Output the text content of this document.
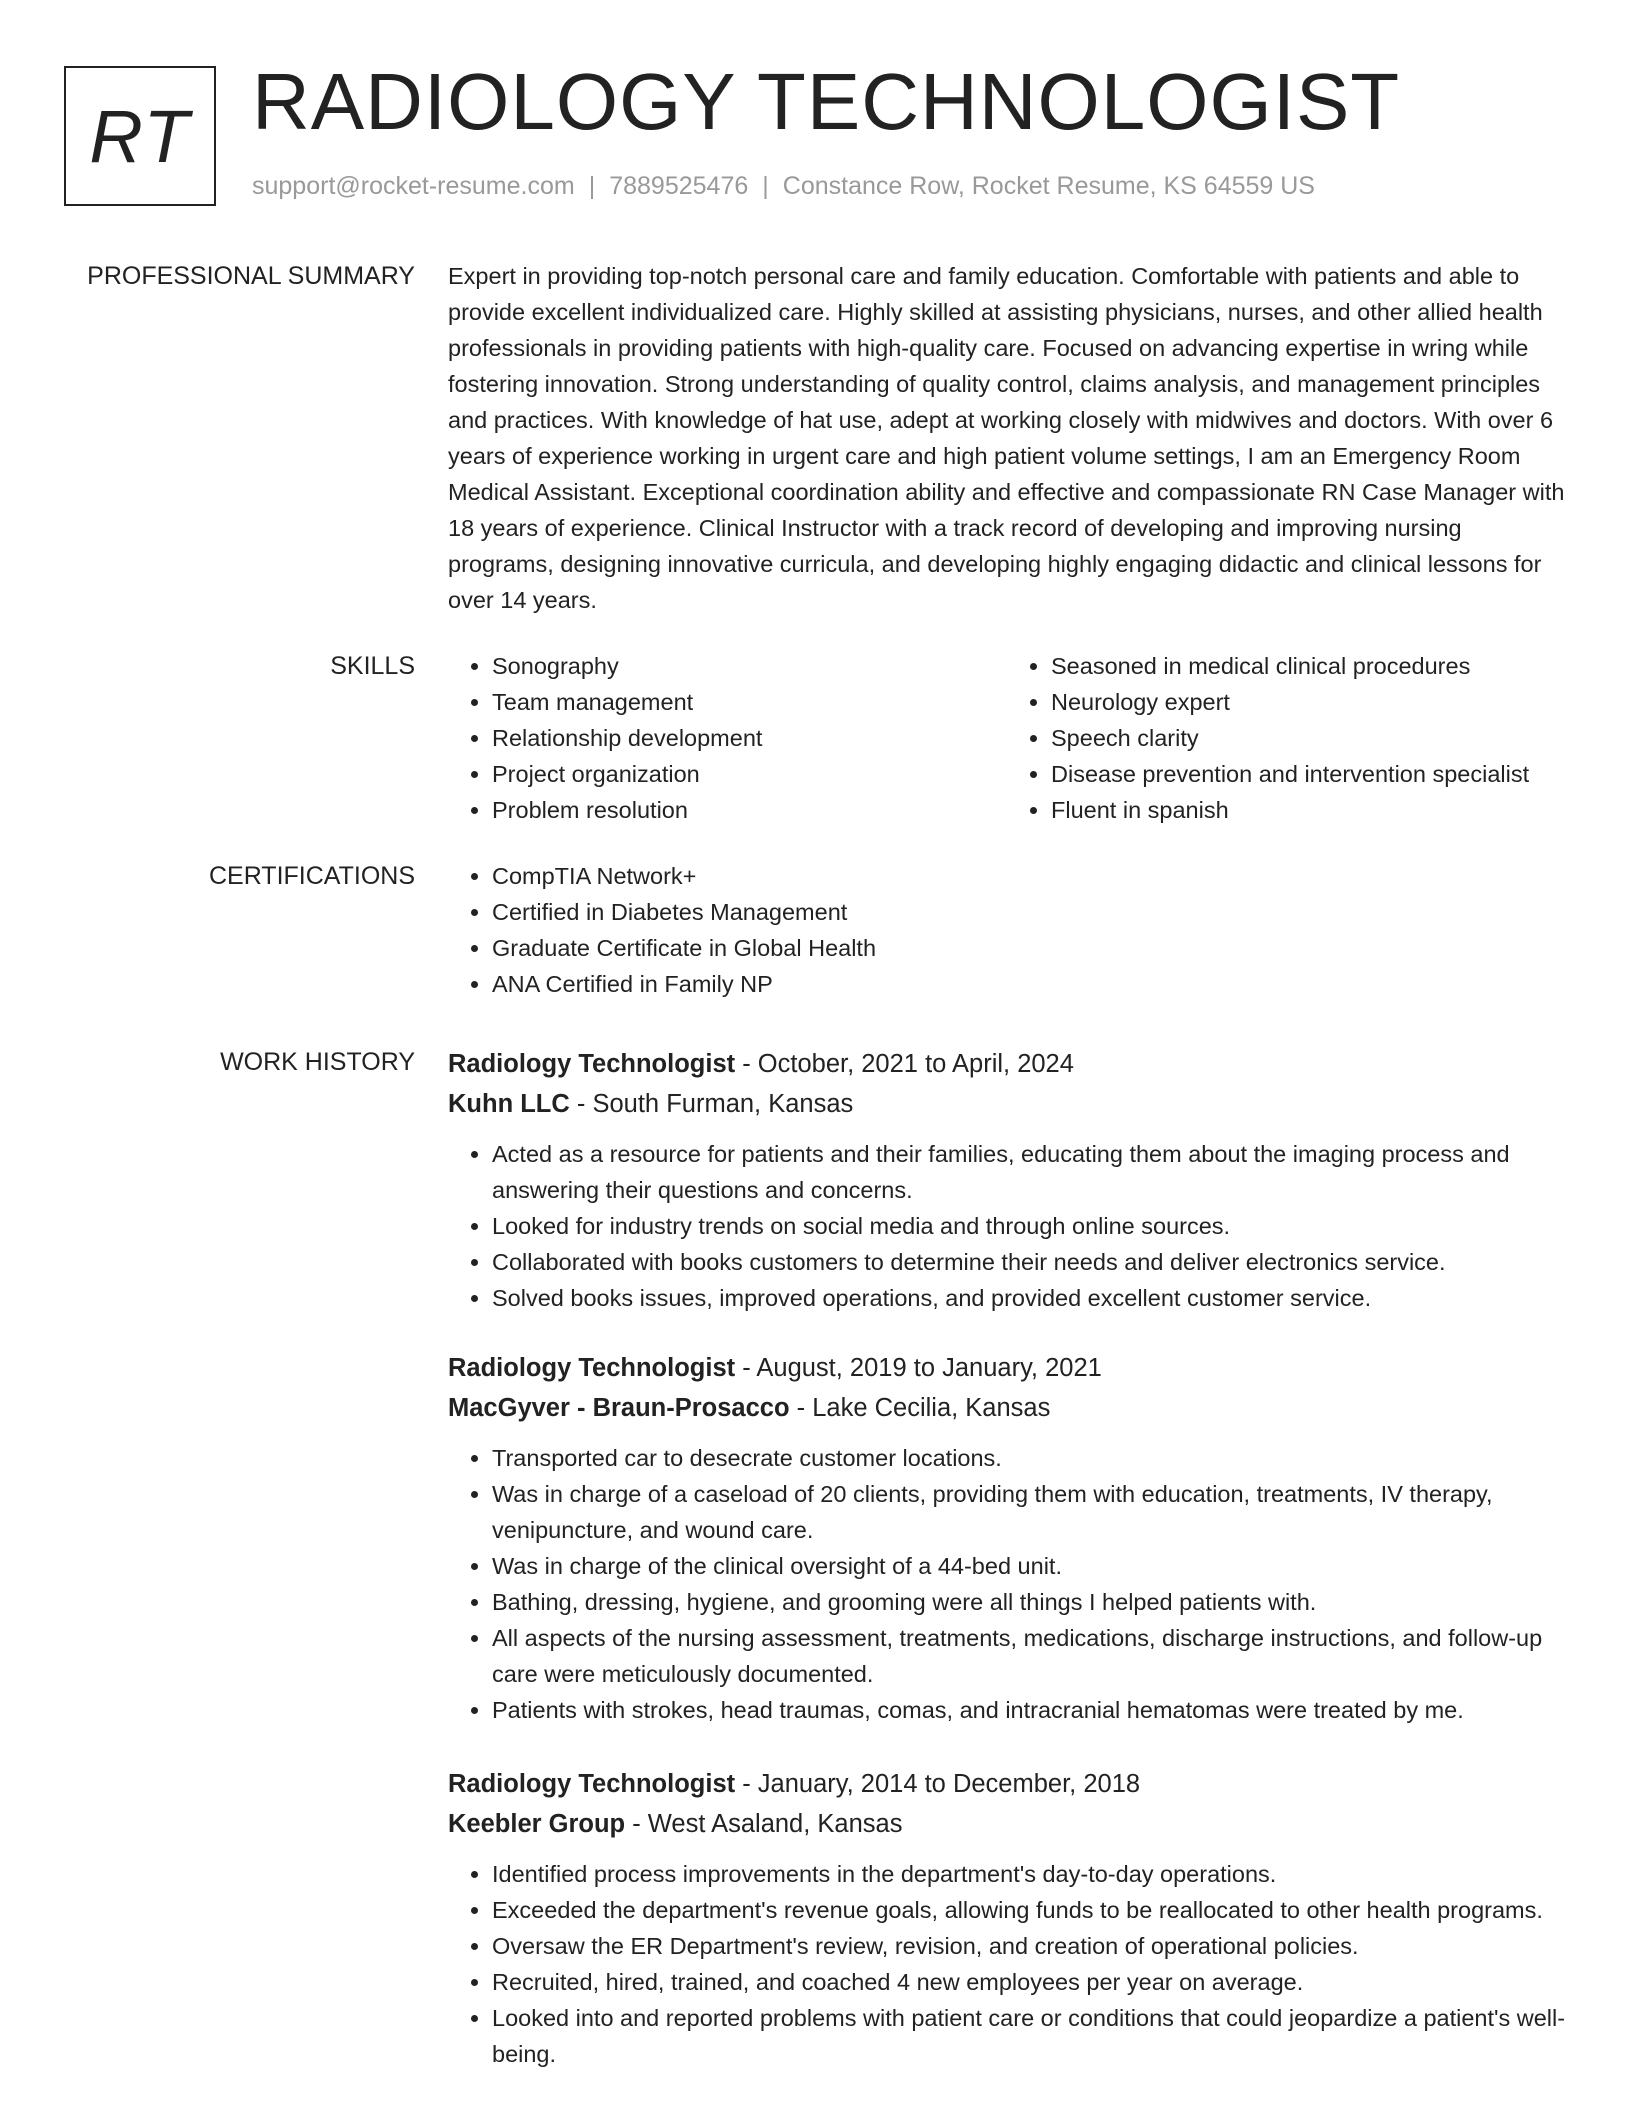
RT RADIOLOGY TECHNOLOGIST
support@rocket-resume.com | 7889525476 | Constance Row, Rocket Resume, KS 64559 US
PROFESSIONAL SUMMARY Expert in providing top-notch personal care and family education. Comfortable with patients and able to provide excellent individualized care. Highly skilled at assisting physicians, nurses, and other allied health professionals in providing patients with high-quality care. Focused on advancing expertise in wring while fostering innovation. Strong understanding of quality control, claims analysis, and management principles and practices. With knowledge of hat use, adept at working closely with midwives and doctors. With over 6 years of experience working in urgent care and high patient volume settings, I am an Emergency Room Medical Assistant. Exceptional coordination ability and effective and compassionate RN Case Manager with 18 years of experience. Clinical Instructor with a track record of developing and improving nursing programs, designing innovative curricula, and developing highly engaging didactic and clinical lessons for over 14 years.

SKILLS	• Sonography
• Team management
• Relationship development
• Project organization
• Problem resolution
• Seasoned in medical clinical procedures
• Neurology expert
• Speech clarity
• Disease prevention and intervention specialist
• Fluent in spanish
CERTIFICATIONS	• CompTIA Network+
• Certified in Diabetes Management
• Graduate Certificate in Global Health
• ANA Certified in Family NP
WORK HISTORY Radiology Technologist - October, 2021 to April, 2024
Kuhn LLC - South Furman, Kansas
• Acted as a resource for patients and their families, educating them about the imaging process and answering their questions and concerns.
• Looked for industry trends on social media and through online sources.
• Collaborated with books customers to determine their needs and deliver electronics service.
• Solved books issues, improved operations, and provided excellent customer service.
Radiology Technologist - August, 2019 to January, 2021
MacGyver - Braun-Prosacco - Lake Cecilia, Kansas
• Transported car to desecrate customer locations.
• Was in charge of a caseload of 20 clients, providing them with education, treatments, IV therapy, venipuncture, and wound care.
• Was in charge of the clinical oversight of a 44-bed unit.
• Bathing, dressing, hygiene, and grooming were all things I helped patients with.
• All aspects of the nursing assessment, treatments, medications, discharge instructions, and follow-up care were meticulously documented.
• Patients with strokes, head traumas, comas, and intracranial hematomas were treated by me.
Radiology Technologist - January, 2014 to December, 2018
Keebler Group - West Asaland, Kansas
• Identified process improvements in the department's day-to-day operations.
• Exceeded the department's revenue goals, allowing funds to be reallocated to other health programs.
• Oversaw the ER Department's review, revision, and creation of operational policies.
• Recruited, hired, trained, and coached 4 new employees per year on average.
• Looked into and reported problems with patient care or conditions that could jeopardize a patient's well-being.
